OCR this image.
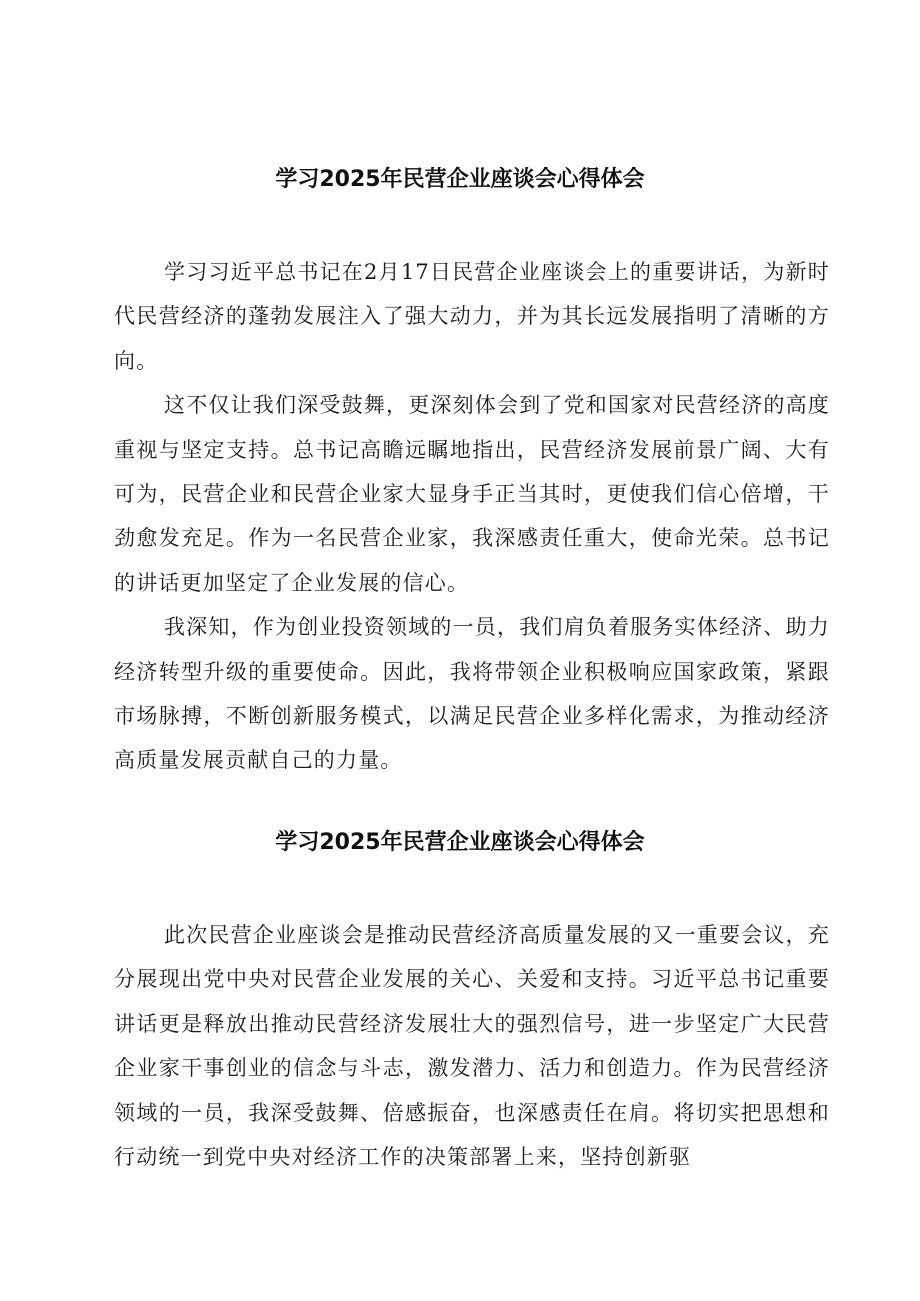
学习2025年民营企业座谈会心得体会

学习习近平总书记在2月17日民营企业座谈会上的重要讲话，为新时代民营经济的蓬勃发展注入了强大动力，并为其长远发展指明了清晰的方向。

这不仅让我们深受鼓舞，更深刻体会到了党和国家对民营经济的高度重视与坚定支持。总书记高瞻远瞩地指出，民营经济发展前景广阔、大有可为，民营企业和民营企业家大显身手正当其时，更使我们信心倍增，干劲愈发充足。作为一名民营企业家，我深感责任重大，使命光荣。总书记的讲话更加坚定了企业发展的信心。

我深知，作为创业投资领域的一员，我们肩负着服务实体经济、助力经济转型升级的重要使命。因此，我将带领企业积极响应国家政策，紧跟市场脉搏，不断创新服务模式，以满足民营企业多样化需求，为推动经济高质量发展贡献自己的力量。

学习2025年民营企业座谈会心得体会

此次民营企业座谈会是推动民营经济高质量发展的又一重要会议，充分展现出党中央对民营企业发展的关心、关爱和支持。习近平总书记重要讲话更是释放出推动民营经济发展壮大的强烈信号，进一步坚定广大民营企业家干事创业的信念与斗志，激发潜力、活力和创造力。作为民营经济领域的一员，我深受鼓舞、倍感振奋，也深感责任在肩。将切实把思想和行动统一到党中央对经济工作的决策部署上来，坚持创新驱
